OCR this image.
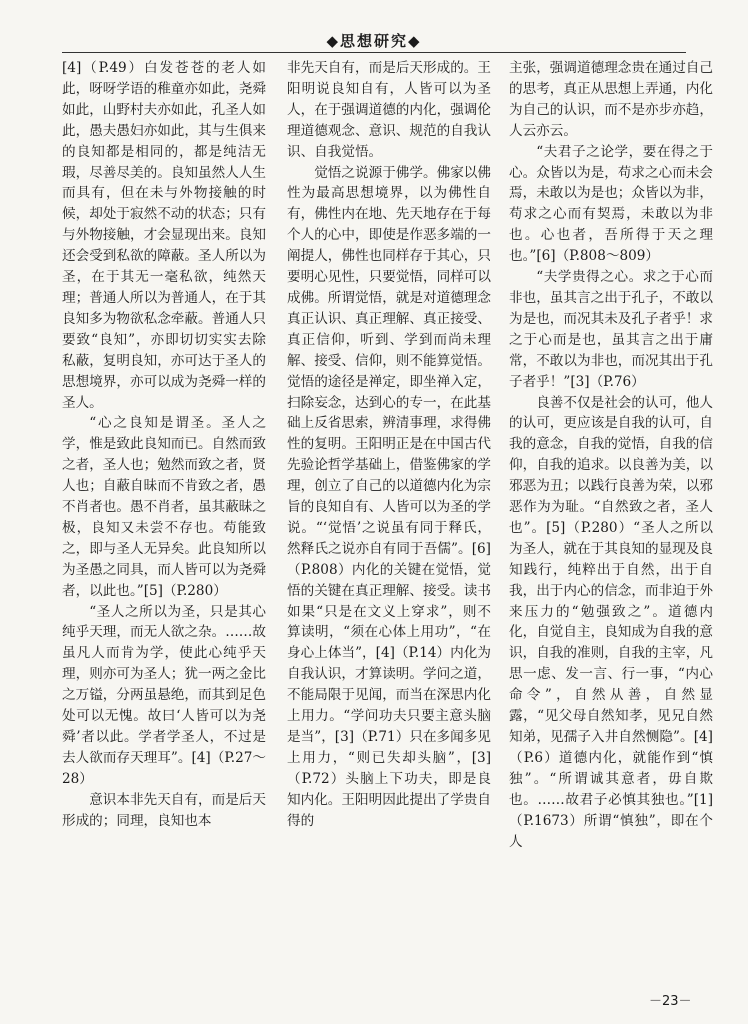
◆思想研究◆

[4]（P.49）白发苍苍的老人如此，呀呀学语的稚童亦如此，尧舜如此，山野村夫亦如此，孔圣人如此，愚夫愚妇亦如此，其与生俱来的良知都是相同的，都是纯洁无瑕，尽善尽美的。良知虽然人人生而具有，但在未与外物接触的时候，却处于寂然不动的状态；只有与外物接触，才会显现出来。良知还会受到私欲的障蔽。圣人所以为圣，在于其无一毫私欲，纯然天理；普通人所以为普通人，在于其良知多为物欲私念牵蔽。普通人只要致“良知”，亦即切切实实去除私蔽，复明良知，亦可达于圣人的思想境界，亦可以成为尧舜一样的圣人。

“心之良知是谓圣。圣人之学，惟是致此良知而已。自然而致之者，圣人也；勉然而致之者，贤人也；自蔽自昧而不肯致之者，愚不肖者也。愚不肖者，虽其蔽昧之极，良知又未尝不存也。苟能致之，即与圣人无异矣。此良知所以为圣愚之同具，而人皆可以为尧舜者，以此也。”[5]（P.280）

“圣人之所以为圣，只是其心纯乎天理，而无人欲之杂。……故虽凡人而肯为学，使此心纯乎天理，则亦可为圣人；犹一两之金比之万镒，分两虽悬绝，而其到足色处可以无愧。故曰‘人皆可以为尧舜’者以此。学者学圣人，不过是去人欲而存天理耳”。[4]（P.27～28）

意识本非先天自有，而是后天形成的；同理，良知也本

非先天自有，而是后天形成的。王阳明说良知自有，人皆可以为圣人，在于强调道德的内化，强调伦理道德观念、意识、规范的自我认识、自我觉悟。

觉悟之说源于佛学。佛家以佛性为最高思想境界，以为佛性自有，佛性内在地、先天地存在于每个人的心中，即使是作恶多端的一阐提人，佛性也同样存于其心，只要明心见性，只要觉悟，同样可以成佛。所谓觉悟，就是对道德理念真正认识、真正理解、真正接受、真正信仰，听到、学到而尚未理解、接受、信仰，则不能算觉悟。觉悟的途径是禅定，即坐禅入定，扫除妄念，达到心的专一，在此基础上反省思索，辨清事理，求得佛性的复明。王阳明正是在中国古代先验论哲学基础上，借鉴佛家的学理，创立了自己的以道德内化为宗旨的良知自有、人皆可以为圣的学说。“‘觉悟’之说虽有同于释氏，然释氏之说亦自有同于吾儒”。[6]（P.808）内化的关键在觉悟，觉悟的关键在真正理解、接受。读书如果“只是在文义上穿求”，则不算读明，“须在心体上用功”，“在身心上体当”，[4]（P.14）内化为自我认识，才算读明。学问之道，不能局限于见闻，而当在深思内化上用力。“学问功夫只要主意头脑是当”，[3]（P.71）只在多闻多见上用力，“则已失却头脑”，[3]（P.72）头脑上下功夫，即是良知内化。王阳明因此提出了学贵自得的

主张，强调道德理念贵在通过自己的思考，真正从思想上弄通，内化为自己的认识，而不是亦步亦趋，人云亦云。

“夫君子之论学，要在得之于心。众皆以为是，苟求之心而未会焉，未敢以为是也；众皆以为非，苟求之心而有契焉，未敢以为非也。心也者，吾所得于天之理也。”[6]（P.808～809）

“夫学贵得之心。求之于心而非也，虽其言之出于孔子，不敢以为是也，而况其未及孔子者乎！求之于心而是也，虽其言之出于庸常，不敢以为非也，而况其出于孔子者乎！”[3]（P.76）

良善不仅是社会的认可，他人的认可，更应该是自我的认可，自我的意念，自我的觉悟，自我的信仰，自我的追求。以良善为美，以邪恶为丑；以践行良善为荣，以邪恶作为为耻。“自然致之者，圣人也”。[5]（P.280）“圣人之所以为圣人，就在于其良知的显现及良知践行，纯粹出于自然，出于自我，出于内心的信念，而非迫于外来压力的“勉强致之”。道德内化，自觉自主，良知成为自我的意识，自我的准则，自我的主宰，凡思一虑、发一言、行一事，“内心命令”，自然从善，自然显露，“见父母自然知孝，见兄自然知弟，见孺子入井自然恻隐”。[4]（P.6）道德内化，就能作到“慎独”。“所谓诚其意者，毋自欺也。……故君子必慎其独也。”[1]（P.1673）所谓“慎独”，即在个人

－23－
